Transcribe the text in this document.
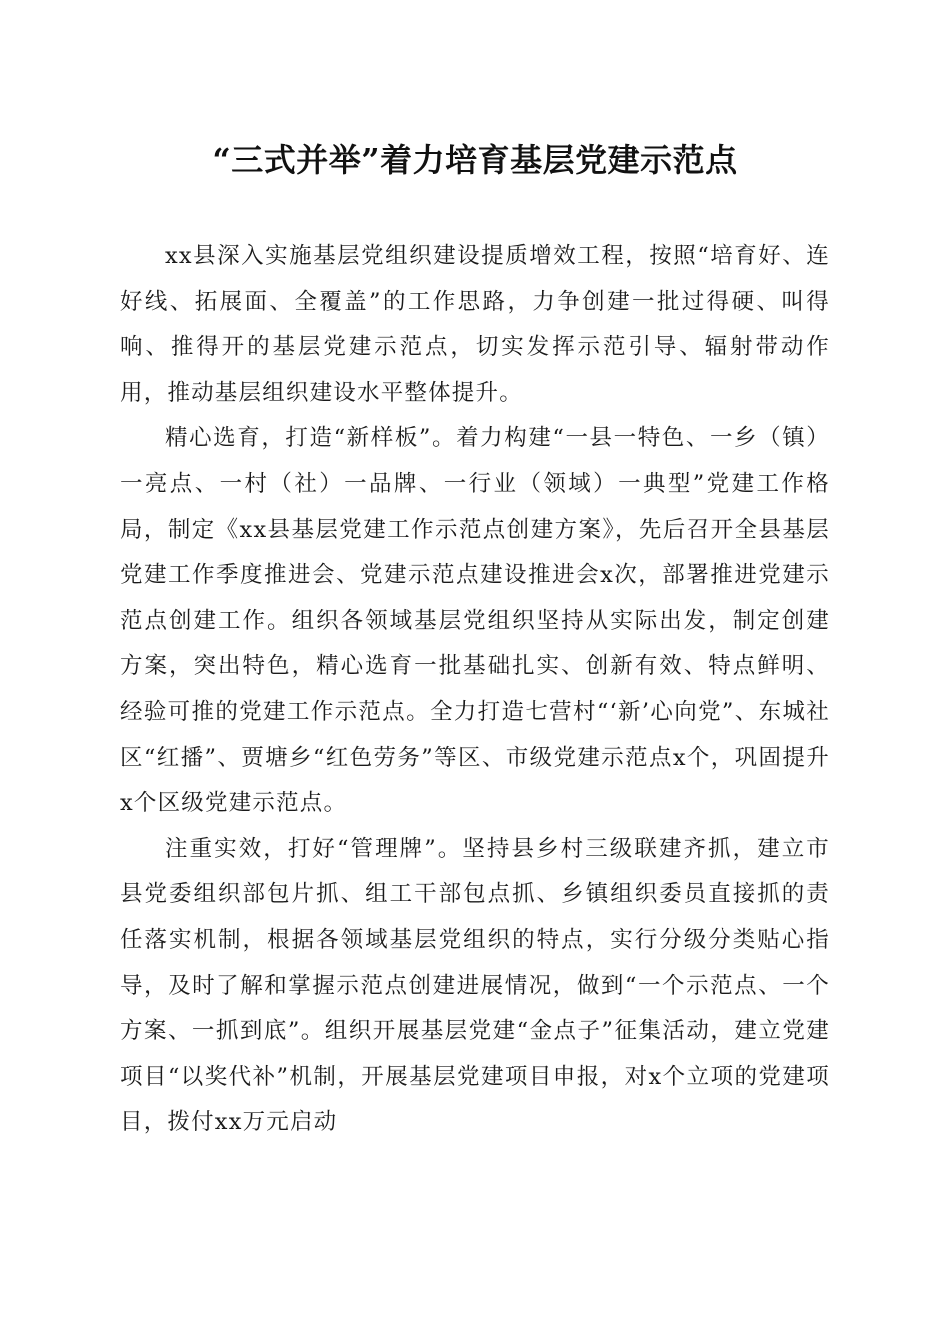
“三式并举”着力培育基层党建示范点

xx县深入实施基层党组织建设提质增效工程，按照“培育好、连好线、拓展面、全覆盖”的工作思路，力争创建一批过得硬、叫得响、推得开的基层党建示范点，切实发挥示范引导、辐射带动作用，推动基层组织建设水平整体提升。

精心选育，打造“新样板”。着力构建“一县一特色、一乡（镇）一亮点、一村（社）一品牌、一行业（领域）一典型”党建工作格局，制定《xx县基层党建工作示范点创建方案》，先后召开全县基层党建工作季度推进会、党建示范点建设推进会x次，部署推进党建示范点创建工作。组织各领域基层党组织坚持从实际出发，制定创建方案，突出特色，精心选育一批基础扎实、创新有效、特点鲜明、经验可推的党建工作示范点。全力打造七营村“‘新’心向党”、东城社区“红播”、贾塘乡“红色劳务”等区、市级党建示范点x个，巩固提升x个区级党建示范点。

注重实效，打好“管理牌”。坚持县乡村三级联建齐抓，建立市县党委组织部包片抓、组工干部包点抓、乡镇组织委员直接抓的责任落实机制，根据各领域基层党组织的特点，实行分级分类贴心指导，及时了解和掌握示范点创建进展情况，做到“一个示范点、一个方案、一抓到底”。组织开展基层党建“金点子”征集活动，建立党建项目“以奖代补”机制，开展基层党建项目申报，对x个立项的党建项目，拨付xx万元启动
